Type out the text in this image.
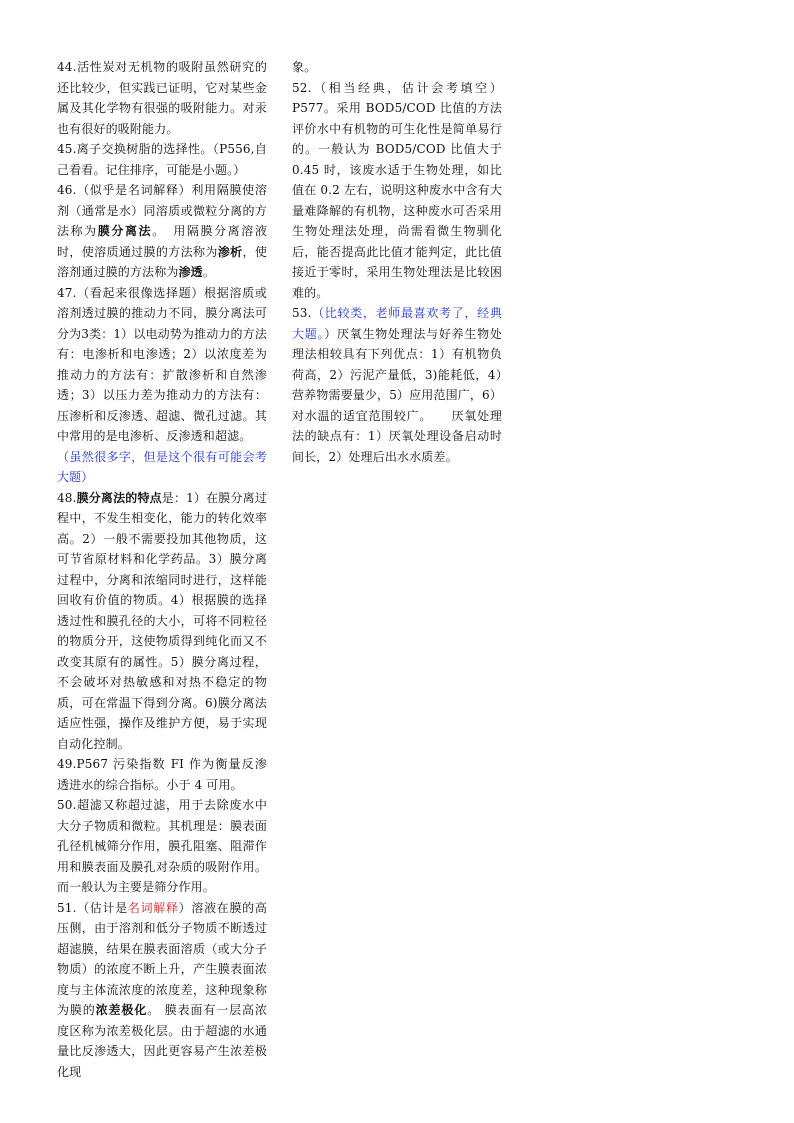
44.活性炭对无机物的吸附虽然研究的还比较少，但实践已证明，它对某些金属及其化学物有很强的吸附能力。对汞也有很好的吸附能力。

45.离子交换树脂的选择性。（P556,自己看看。记住排序，可能是小题。）

46.（似乎是名词解释）利用隔膜使溶剂（通常是水）同溶质或微粒分离的方法称为膜分离法。　用隔膜分离溶液时，使溶质通过膜的方法称为渗析，使溶剂通过膜的方法称为渗透。

47.（看起来很像选择题）根据溶质或溶剂透过膜的推动力不同，膜分离法可分为3类：1）以电动势为推动力的方法有：电渗析和电渗透；2）以浓度差为推动力的方法有：扩散渗析和自然渗透；3）以压力差为推动力的方法有：压渗析和反渗透、超滤、微孔过滤。其中常用的是电渗析、反渗透和超滤。

（虽然很多字，但是这个很有可能会考大题）

48.膜分离法的特点是：1）在膜分离过程中，不发生相变化，能力的转化效率高。2）一般不需要投加其他物质，这可节省原材料和化学药品。3）膜分离过程中，分离和浓缩同时进行，这样能回收有价值的物质。4）根据膜的选择透过性和膜孔径的大小，可将不同粒径的物质分开，这使物质得到纯化而又不改变其原有的属性。5）膜分离过程，不会破坏对热敏感和对热不稳定的物质，可在常温下得到分离。6)膜分离法适应性强，操作及维护方便，易于实现自动化控制。

49.P567 污染指数 FI 作为衡量反渗透进水的综合指标。小于 4 可用。

50.超滤又称超过滤，用于去除废水中大分子物质和微粒。其机理是：膜表面孔径机械筛分作用，膜孔阻塞、阻滞作用和膜表面及膜孔对杂质的吸附作用。而一般认为主要是筛分作用。

51.（估计是名词解释）溶液在膜的高压侧，由于溶剂和低分子物质不断透过超滤膜，结果在膜表面溶质（或大分子物质）的浓度不断上升，产生膜表面浓度与主体流浓度的浓度差，这种现象称为膜的浓差极化。 膜表面有一层高浓度区称为浓差极化层。由于超滤的水通量比反渗透大，因此更容易产生浓差极化现

象。

52.（相当经典，估计会考填空）P577。采用 BOD5/COD 比值的方法评价水中有机物的可生化性是简单易行的。一般认为 BOD5/COD 比值大于 0.45 时，该废水适于生物处理，如比值在 0.2 左右，说明这种废水中含有大量难降解的有机物，这种废水可否采用生物处理法处理，尚需看微生物驯化后，能否提高此比值才能判定，此比值接近于零时，采用生物处理法是比较困难的。

53.（比较类，老师最喜欢考了，经典大题。）厌氧生物处理法与好养生物处理法相较具有下列优点：1）有机物负荷高，2）污泥产量低，3)能耗低，4）营养物需要量少，5）应用范围广，6）对水温的适宜范围较广。　　厌氧处理法的缺点有：1）厌氧处理设备启动时间长，2）处理后出水水质差。
